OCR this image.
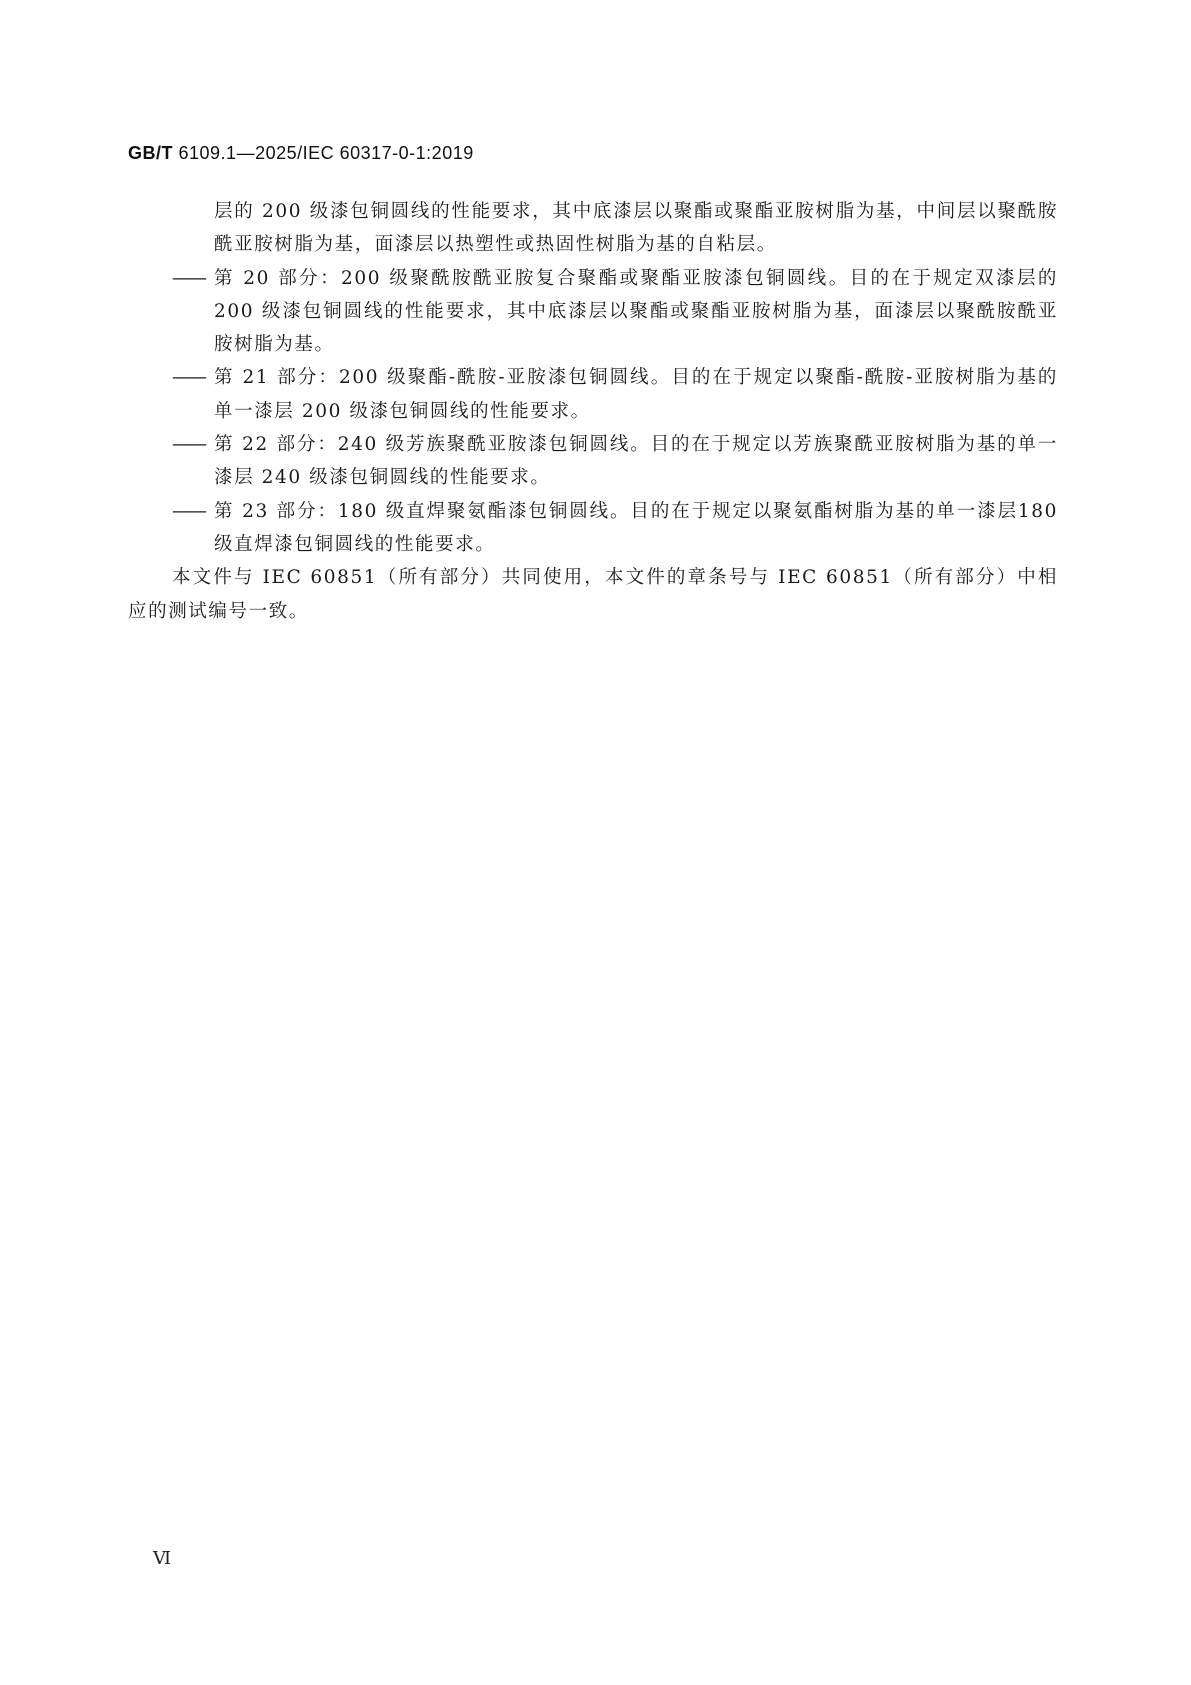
GB/T 6109.1—2025/IEC 60317-0-1:2019
层的 200 级漆包铜圆线的性能要求，其中底漆层以聚酯或聚酯亚胺树脂为基，中间层以聚酰胺酰亚胺树脂为基，面漆层以热塑性或热固性树脂为基的自粘层。
—— 第 20 部分：200 级聚酰胺酰亚胺复合聚酯或聚酯亚胺漆包铜圆线。目的在于规定双漆层的200 级漆包铜圆线的性能要求，其中底漆层以聚酯或聚酯亚胺树脂为基，面漆层以聚酰胺酰亚胺树脂为基。
—— 第 21 部分：200 级聚酯-酰胺-亚胺漆包铜圆线。目的在于规定以聚酯-酰胺-亚胺树脂为基的单一漆层 200 级漆包铜圆线的性能要求。
—— 第 22 部分：240 级芳族聚酰亚胺漆包铜圆线。目的在于规定以芳族聚酰亚胺树脂为基的单一漆层 240 级漆包铜圆线的性能要求。
—— 第 23 部分：180 级直焊聚氨酯漆包铜圆线。目的在于规定以聚氨酯树脂为基的单一漆层180 级直焊漆包铜圆线的性能要求。
本文件与 IEC 60851（所有部分）共同使用，本文件的章条号与 IEC 60851（所有部分）中相应的测试编号一致。
Ⅵ
